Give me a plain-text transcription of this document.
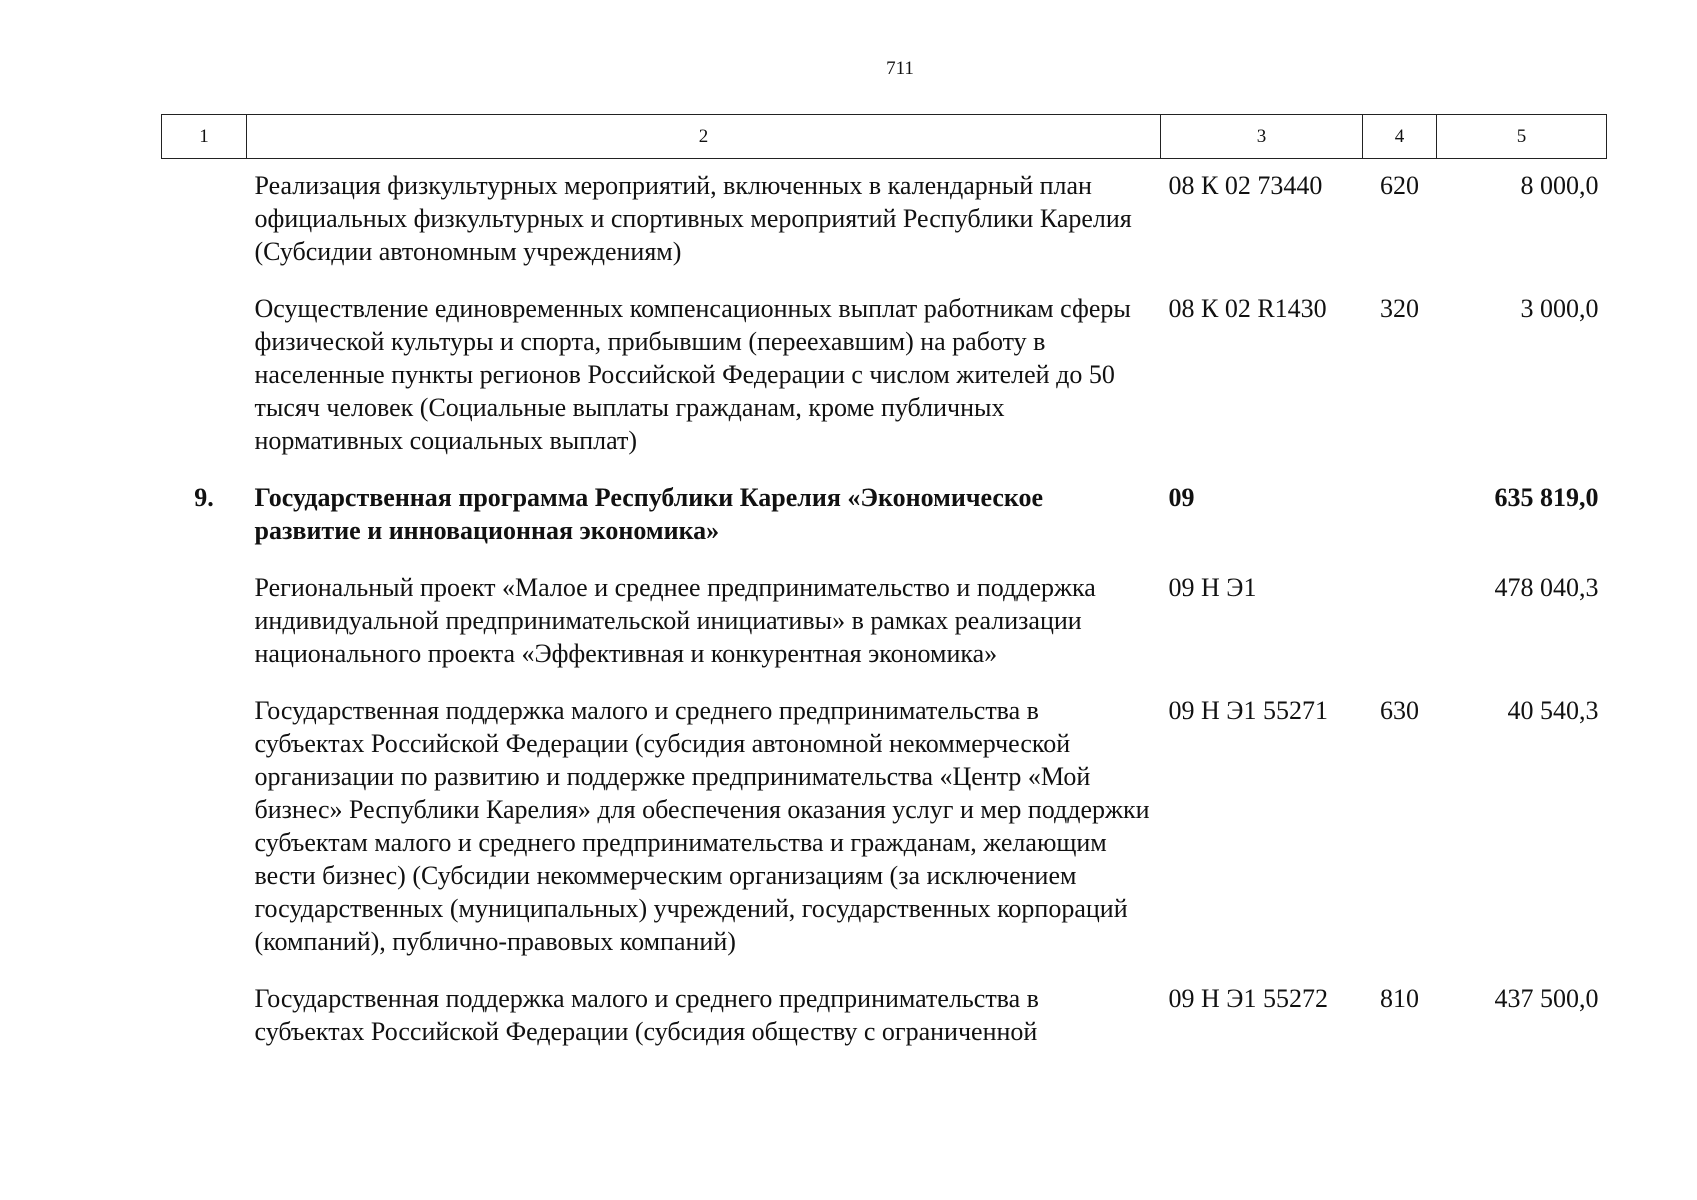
711
1	2	3	4	5
	Реализация физкультурных мероприятий, включенных в календарный план официальных физкультурных и спортивных мероприятий Республики Карелия (Субсидии автономным учреждениям)	08 К 02 73440	620	8 000,0
	Осуществление единовременных компенсационных выплат работникам сферы физической культуры и спорта, прибывшим (переехавшим) на работу в населенные пункты регионов Российской Федерации с числом жителей до 50 тысяч человек (Социальные выплаты гражданам, кроме публичных нормативных социальных выплат)	08 К 02 R1430	320	3 000,0
9.	Государственная программа Республики Карелия «Экономическое развитие и инновационная экономика»	09		635 819,0
	Региональный проект «Малое и среднее предпринимательство и поддержка индивидуальной предпринимательской инициативы» в рамках реализации национального проекта «Эффективная и конкурентная экономика»	09 Н Э1		478 040,3
	Государственная поддержка малого и среднего предпринимательства в субъектах Российской Федерации (субсидия автономной некоммерческой организации по развитию и поддержке предпринимательства «Центр «Мой бизнес» Республики Карелия» для обеспечения оказания услуг и мер поддержки субъектам малого и среднего предпринимательства и гражданам, желающим вести бизнес) (Субсидии некоммерческим организациям (за исключением государственных (муниципальных) учреждений, государственных корпораций (компаний), публично-правовых компаний)	09 Н Э1 55271	630	40 540,3
	Государственная поддержка малого и среднего предпринимательства в субъектах Российской Федерации (субсидия обществу с ограниченной	09 Н Э1 55272	810	437 500,0
